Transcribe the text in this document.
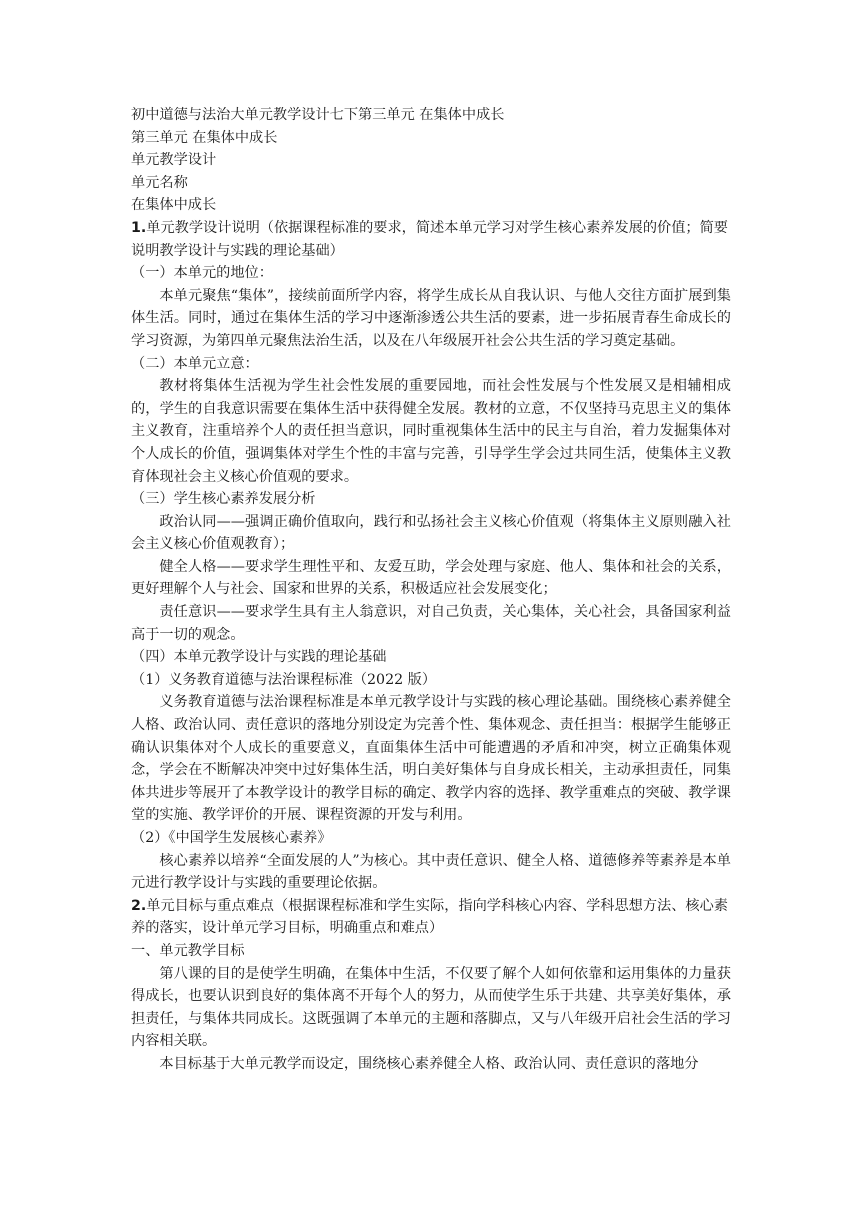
初中道德与法治大单元教学设计七下第三单元 在集体中成长

第三单元 在集体中成长

单元教学设计

单元名称

在集体中成长

1.单元教学设计说明（依据课程标准的要求，简述本单元学习对学生核心素养发展的价值；简要说明教学设计与实践的理论基础）

（一）本单元的地位：

本单元聚焦“集体”，接续前面所学内容，将学生成长从自我认识、与他人交往方面扩展到集体生活。同时，通过在集体生活的学习中逐渐渗透公共生活的要素，进一步拓展青春生命成长的学习资源，为第四单元聚焦法治生活，以及在八年级展开社会公共生活的学习奠定基础。

（二）本单元立意：

教材将集体生活视为学生社会性发展的重要园地，而社会性发展与个性发展又是相辅相成的，学生的自我意识需要在集体生活中获得健全发展。教材的立意，不仅坚持马克思主义的集体主义教育，注重培养个人的责任担当意识，同时重视集体生活中的民主与自治，着力发掘集体对个人成长的价值，强调集体对学生个性的丰富与完善，引导学生学会过共同生活，使集体主义教育体现社会主义核心价值观的要求。

（三）学生核心素养发展分析

政治认同——强调正确价值取向，践行和弘扬社会主义核心价值观（将集体主义原则融入社会主义核心价值观教育）；

健全人格——要求学生理性平和、友爱互助，学会处理与家庭、他人、集体和社会的关系，更好理解个人与社会、国家和世界的关系，积极适应社会发展变化；

责任意识——要求学生具有主人翁意识，对自己负责，关心集体，关心社会，具备国家利益高于一切的观念。

（四）本单元教学设计与实践的理论基础

（1）义务教育道德与法治课程标准（2022 版）

义务教育道德与法治课程标准是本单元教学设计与实践的核心理论基础。围绕核心素养健全人格、政治认同、责任意识的落地分别设定为完善个性、集体观念、责任担当：根据学生能够正确认识集体对个人成长的重要意义，直面集体生活中可能遭遇的矛盾和冲突，树立正确集体观念，学会在不断解决冲突中过好集体生活，明白美好集体与自身成长相关，主动承担责任，同集体共进步等展开了本教学设计的教学目标的确定、教学内容的选择、教学重难点的突破、教学课堂的实施、教学评价的开展、课程资源的开发与利用。

（2）《中国学生发展核心素养》

核心素养以培养“全面发展的人”为核心。其中责任意识、健全人格、道德修养等素养是本单元进行教学设计与实践的重要理论依据。

2.单元目标与重点难点（根据课程标准和学生实际，指向学科核心内容、学科思想方法、核心素养的落实，设计单元学习目标，明确重点和难点）

一、单元教学目标

第八课的目的是使学生明确，在集体中生活，不仅要了解个人如何依靠和运用集体的力量获得成长，也要认识到良好的集体离不开每个人的努力，从而使学生乐于共建、共享美好集体，承担责任，与集体共同成长。这既强调了本单元的主题和落脚点，又与八年级开启社会生活的学习内容相关联。

本目标基于大单元教学而设定，围绕核心素养健全人格、政治认同、责任意识的落地分
